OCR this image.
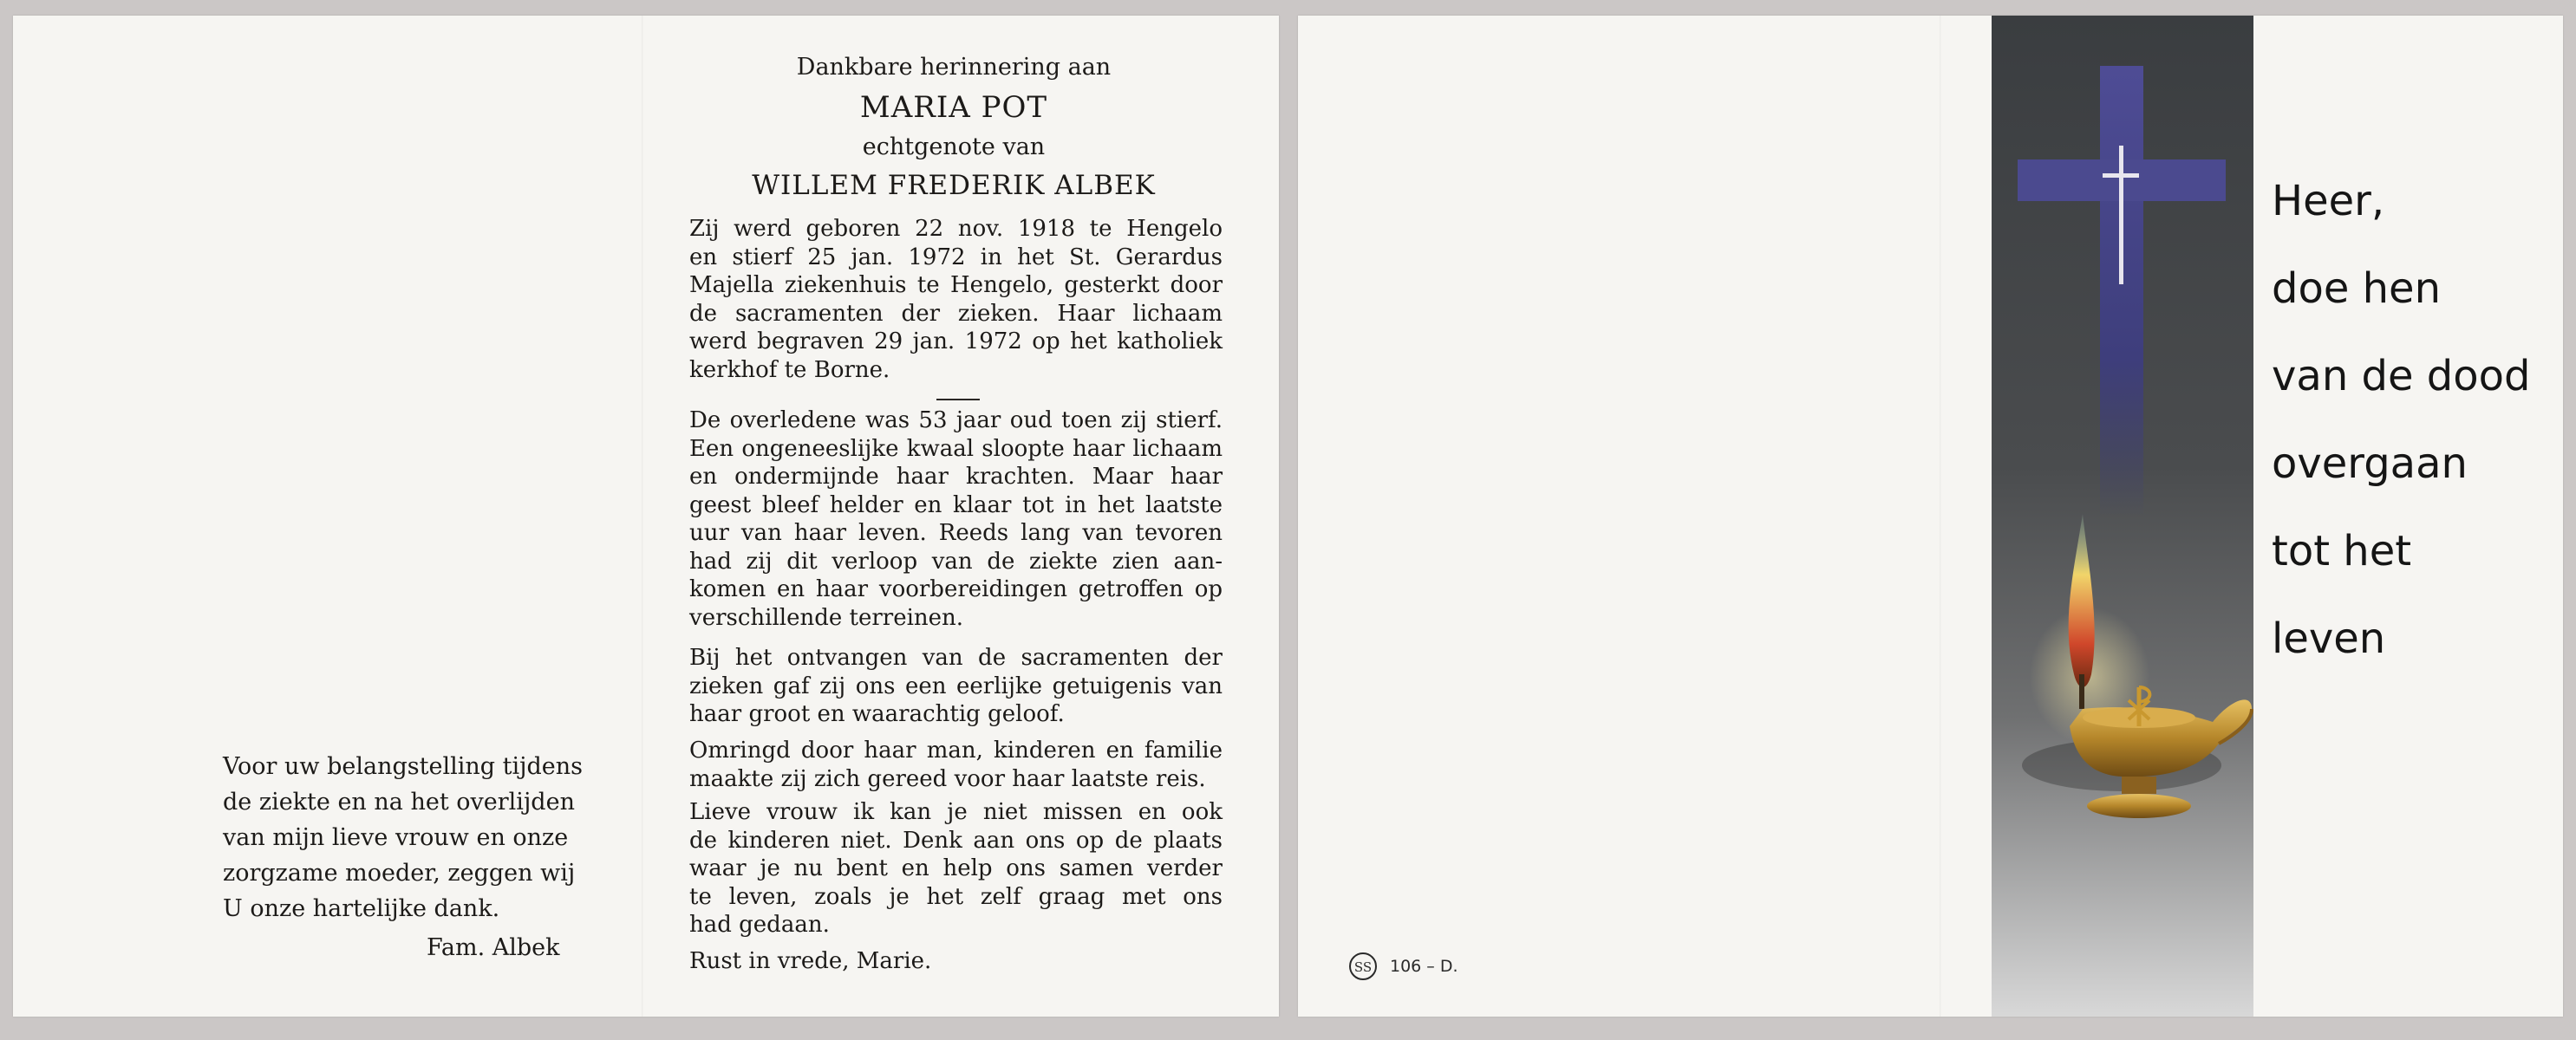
Voor uw belangstelling tijdens
de ziekte en na het overlijden
van mijn lieve vrouw en onze
zorgzame moeder, zeggen wij
U onze hartelijke dank.
Fam. Albek
Dankbare herinnering aan
MARIA POT
echtgenote van
WILLEM FREDERIK ALBEK
Zij werd geboren 22 nov. 1918 te Hengelo
en stierf 25 jan. 1972 in het St. Gerardus
Majella ziekenhuis te Hengelo, gesterkt door
de sacramenten der zieken. Haar lichaam
werd begraven 29 jan. 1972 op het katholiek
kerkhof te Borne.
De overledene was 53 jaar oud toen zij stierf.
Een ongeneeslijke kwaal sloopte haar lichaam
en ondermijnde haar krachten. Maar haar
geest bleef helder en klaar tot in het laatste
uur van haar leven. Reeds lang van tevoren
had zij dit verloop van de ziekte zien aan-
komen en haar voorbereidingen getroffen op
verschillende terreinen.
Bij het ontvangen van de sacramenten der
zieken gaf zij ons een eerlijke getuigenis van
haar groot en waarachtig geloof.
Omringd door haar man, kinderen en familie
maakte zij zich gereed voor haar laatste reis.
Lieve vrouw ik kan je niet missen en ook
de kinderen niet. Denk aan ons op de plaats
waar je nu bent en help ons samen verder
te leven, zoals je het zelf graag met ons
had gedaan.
Rust in vrede, Marie.
Heer,
doe hen
van de dood
overgaan
tot het
leven
SS 106 – D.
